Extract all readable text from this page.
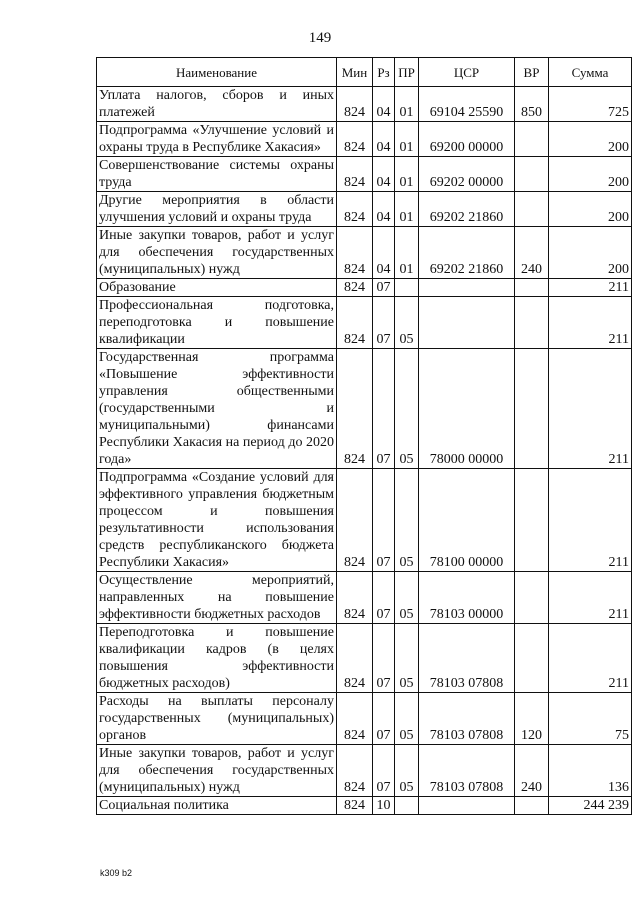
149
Наименование	Мин	Рз	ПР	ЦСР	ВР	Сумма
Уплата налогов, сборов и иных платежей	824	04	01	69104 25590	850	725
Подпрограмма «Улучшение условий и охраны труда в Республике Хакасия»	824	04	01	69200 00000		200
Совершенствование системы охраны труда	824	04	01	69202 00000		200
Другие мероприятия в области улучшения условий и охраны труда	824	04	01	69202 21860		200
Иные закупки товаров, работ и услуг для обеспечения государственных (муниципальных) нужд	824	04	01	69202 21860	240	200
Образование	824	07				211
Профессиональная подготовка, переподготовка и повышение квалификации	824	07	05			211
Государственная программа «Повышение эффективности управления общественными (государственными и муниципальными) финансами Республики Хакасия на период до 2020 года»	824	07	05	78000 00000		211
Подпрограмма «Создание условий для эффективного управления бюджетным процессом и повышения результативности использования средств республиканского бюджета Республики Хакасия»	824	07	05	78100 00000		211
Осуществление мероприятий, направленных на повышение эффективности бюджетных расходов	824	07	05	78103 00000		211
Переподготовка и повышение квалификации кадров (в целях повышения эффективности бюджетных расходов)	824	07	05	78103 07808		211
Расходы на выплаты персоналу государственных (муниципальных) органов	824	07	05	78103 07808	120	75
Иные закупки товаров, работ и услуг для обеспечения государственных (муниципальных) нужд	824	07	05	78103 07808	240	136
Социальная политика	824	10				244 239
k309 b2
